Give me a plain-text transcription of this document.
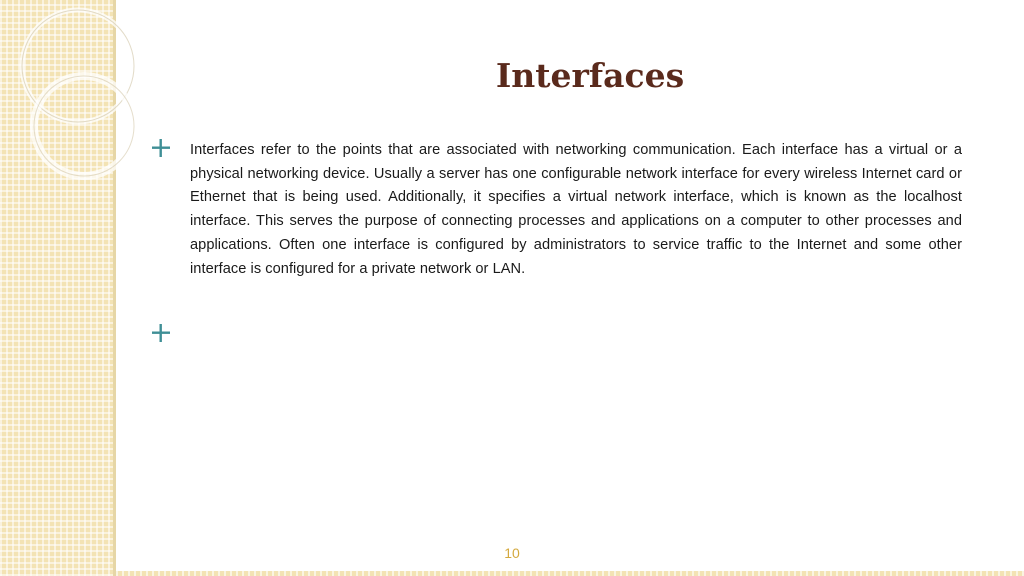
Interfaces

Interfaces refer to the points that are associated with networking communication. Each interface has a virtual or a physical networking device. Usually a server has one configurable network interface for every wireless Internet card or Ethernet that is being used. Additionally, it specifies a virtual network interface, which is known as the localhost interface. This serves the purpose of connecting processes and applications on a computer to other processes and applications. Often one interface is configured by administrators to service traffic to the Internet and some other interface is configured for a private network or LAN.

10
